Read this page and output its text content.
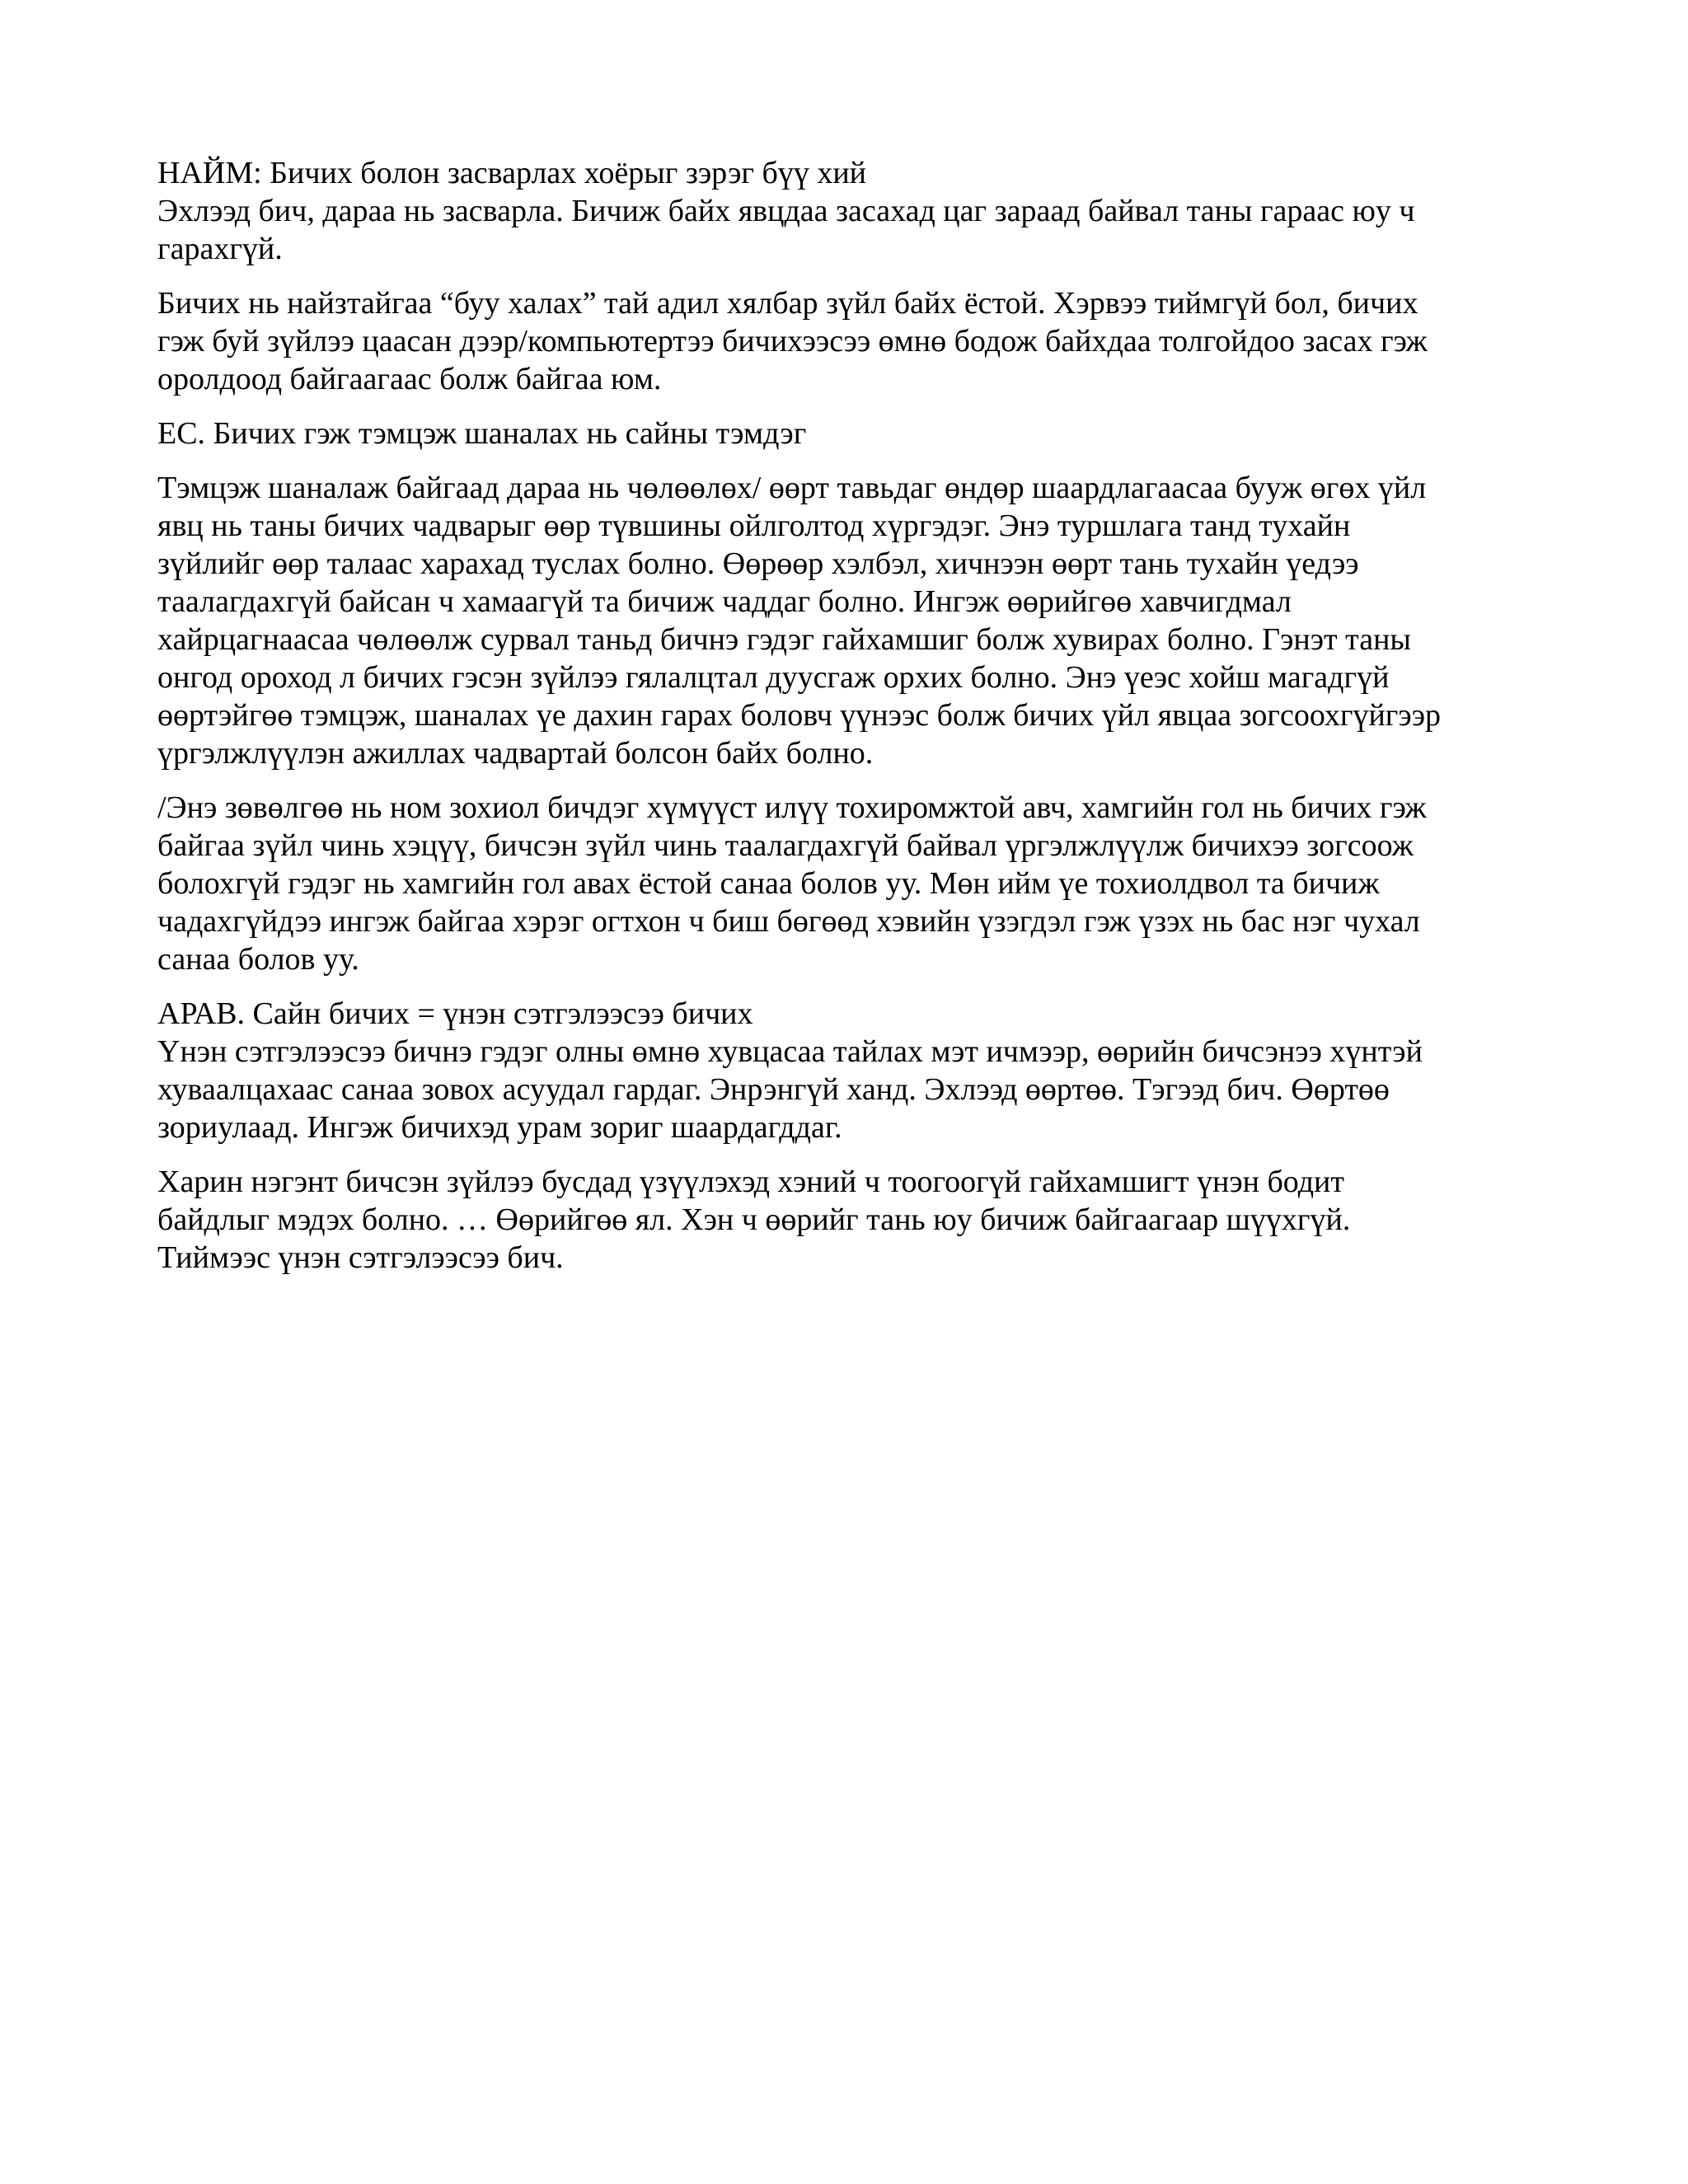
НАЙМ: Бичих болон засварлах хоёрыг зэрэг бүү хий
Эхлээд бич, дараа нь засварла. Бичиж байх явцдаа засахад цаг зараад байвал таны гараас юу ч
гарахгүй.
Бичих нь найзтайгаа “буу халах” тай адил хялбар зүйл байх ёстой. Хэрвээ тиймгүй бол, бичих
гэж буй зүйлээ цаасан дээр/компьютертээ бичихээсээ өмнө бодож байхдаа толгойдоо засах гэж
оролдоод байгаагаас болж байгаа юм.
ЕС. Бичих гэж тэмцэж шаналах нь сайны тэмдэг
Тэмцэж шаналаж байгаад дараа нь чөлөөлөх/ өөрт тавьдаг өндөр шаардлагаасаа бууж өгөх үйл
явц нь таны бичих чадварыг өөр түвшины ойлголтод хүргэдэг. Энэ туршлага танд тухайн
зүйлийг өөр талаас харахад туслах болно. Өөрөөр хэлбэл, хичнээн өөрт тань тухайн үедээ
таалагдахгүй байсан ч хамаагүй та бичиж чаддаг болно. Ингэж өөрийгөө хавчигдмал
хайрцагнаасаа чөлөөлж сурвал таньд бичнэ гэдэг гайхамшиг болж хувирах болно. Гэнэт таны
онгод ороход л бичих гэсэн зүйлээ гялалцтал дуусгаж орхих болно. Энэ үеэс хойш магадгүй
өөртэйгөө тэмцэж, шаналах үе дахин гарах боловч үүнээс болж бичих үйл явцаа зогсоохгүйгээр
үргэлжлүүлэн ажиллах чадвартай болсон байх болно.
/Энэ зөвөлгөө нь ном зохиол бичдэг хүмүүст илүү тохиромжтой авч, хамгийн гол нь бичих гэж
байгаа зүйл чинь хэцүү, бичсэн зүйл чинь таалагдахгүй байвал үргэлжлүүлж бичихээ зогсоож
болохгүй гэдэг нь хамгийн гол авах ёстой санаа болов уу. Мөн ийм үе тохиолдвол та бичиж
чадахгүйдээ ингэж байгаа хэрэг огтхон ч биш бөгөөд хэвийн үзэгдэл гэж үзэх нь бас нэг чухал
санаа болов уу.
АРАВ. Сайн бичих = үнэн сэтгэлээсээ бичих
Үнэн сэтгэлээсээ бичнэ гэдэг олны өмнө хувцасаа тайлах мэт ичмээр, өөрийн бичсэнээ хүнтэй
хуваалцахаас санаа зовох асуудал гардаг. Энрэнгүй ханд. Эхлээд өөртөө. Тэгээд бич. Өөртөө
зориулаад. Ингэж бичихэд урам зориг шаардагддаг.
Харин нэгэнт бичсэн зүйлээ бусдад үзүүлэхэд хэний ч тоогоогүй гайхамшигт үнэн бодит
байдлыг мэдэх болно. … Өөрийгөө ял. Хэн ч өөрийг тань юу бичиж байгаагаар шүүхгүй.
Тиймээс үнэн сэтгэлээсээ бич.
